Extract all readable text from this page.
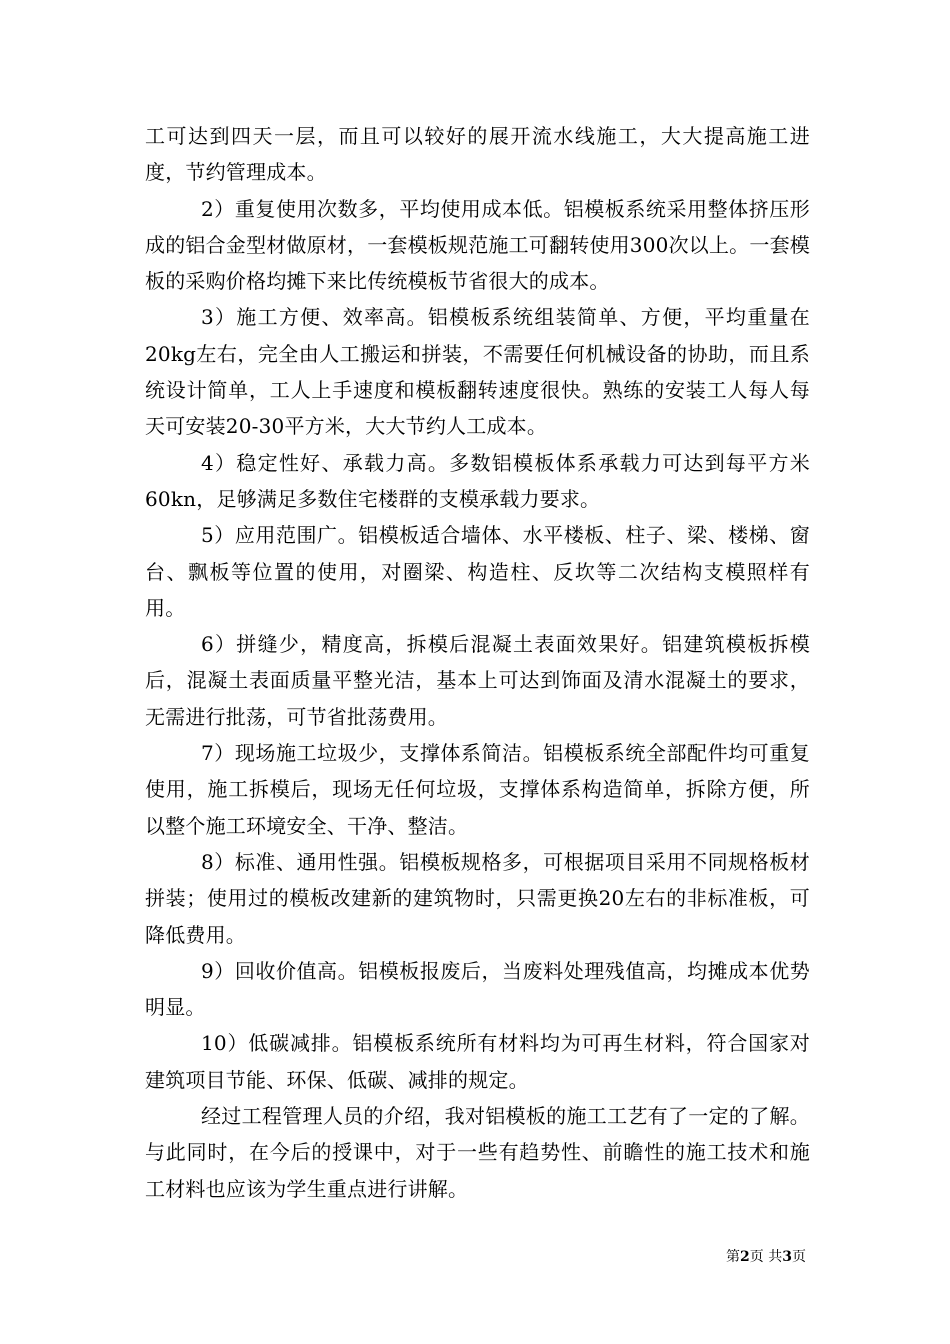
工可达到四天一层，而且可以较好的展开流水线施工，大大提高施工进度，节约管理成本。

2）重复使用次数多，平均使用成本低。铝模板系统采用整体挤压形成的铝合金型材做原材，一套模板规范施工可翻转使用300次以上。一套模板的采购价格均摊下来比传统模板节省很大的成本。

3）施工方便、效率高。铝模板系统组装简单、方便，平均重量在20kg左右，完全由人工搬运和拼装，不需要任何机械设备的协助，而且系统设计简单，工人上手速度和模板翻转速度很快。熟练的安装工人每人每天可安装20-30平方米，大大节约人工成本。

4）稳定性好、承载力高。多数铝模板体系承载力可达到每平方米60kn，足够满足多数住宅楼群的支模承载力要求。

5）应用范围广。铝模板适合墙体、水平楼板、柱子、梁、楼梯、窗台、飘板等位置的使用，对圈梁、构造柱、反坎等二次结构支模照样有用。

6）拼缝少，精度高，拆模后混凝土表面效果好。铝建筑模板拆模后，混凝土表面质量平整光洁，基本上可达到饰面及清水混凝土的要求，无需进行批荡，可节省批荡费用。

7）现场施工垃圾少，支撑体系简洁。铝模板系统全部配件均可重复使用，施工拆模后，现场无任何垃圾，支撑体系构造简单，拆除方便，所以整个施工环境安全、干净、整洁。

8）标准、通用性强。铝模板规格多，可根据项目采用不同规格板材拼装；使用过的模板改建新的建筑物时，只需更换20左右的非标准板，可降低费用。

9）回收价值高。铝模板报废后，当废料处理残值高，均摊成本优势明显。

10）低碳减排。铝模板系统所有材料均为可再生材料，符合国家对建筑项目节能、环保、低碳、减排的规定。

经过工程管理人员的介绍，我对铝模板的施工工艺有了一定的了解。与此同时，在今后的授课中，对于一些有趋势性、前瞻性的施工技术和施工材料也应该为学生重点进行讲解。

第2页 共3页
